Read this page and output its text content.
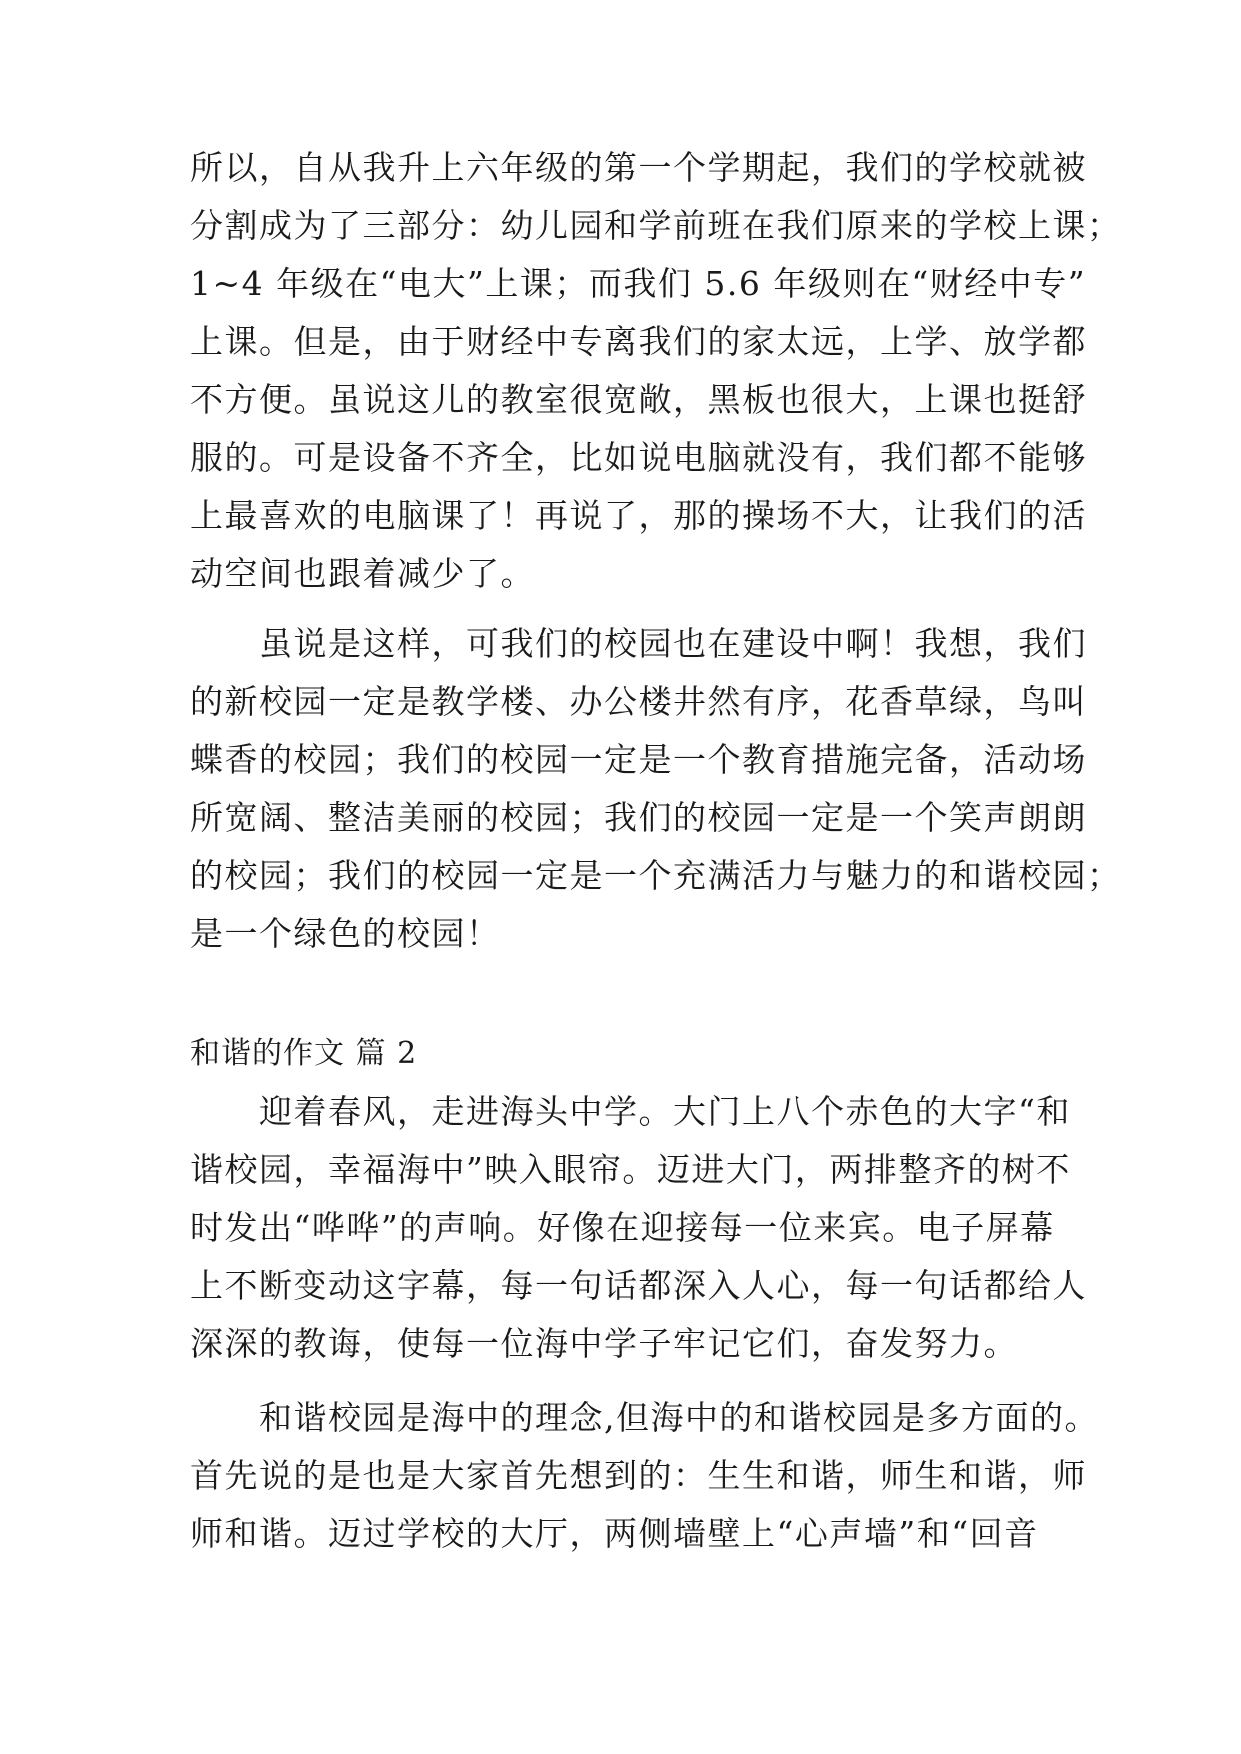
所以，自从我升上六年级的第一个学期起，我们的学校就被
分割成为了三部分：幼儿园和学前班在我们原来的学校上课；
1~4 年级在“电大”上课；而我们 5.6 年级则在“财经中专”
上课。但是，由于财经中专离我们的家太远，上学、放学都
不方便。虽说这儿的教室很宽敞，黑板也很大，上课也挺舒
服的。可是设备不齐全，比如说电脑就没有，我们都不能够
上最喜欢的电脑课了！再说了，那的操场不大，让我们的活
动空间也跟着减少了。
　　虽说是这样，可我们的校园也在建设中啊！我想，我们
的新校园一定是教学楼、办公楼井然有序，花香草绿，鸟叫
蝶香的校园；我们的校园一定是一个教育措施完备，活动场
所宽阔、整洁美丽的校园；我们的校园一定是一个笑声朗朗
的校园；我们的校园一定是一个充满活力与魅力的和谐校园；
是一个绿色的校园！
和谐的作文 篇 2
　　迎着春风，走进海头中学。大门上八个赤色的大字“和
谐校园，幸福海中”映入眼帘。迈进大门，两排整齐的树不
时发出“哗哗”的声响。好像在迎接每一位来宾。电子屏幕
上不断变动这字幕，每一句话都深入人心，每一句话都给人
深深的教诲，使每一位海中学子牢记它们，奋发努力。
　　和谐校园是海中的理念,但海中的和谐校园是多方面的。
首先说的是也是大家首先想到的：生生和谐，师生和谐，师
师和谐。迈过学校的大厅，两侧墙壁上“心声墙”和“回音
